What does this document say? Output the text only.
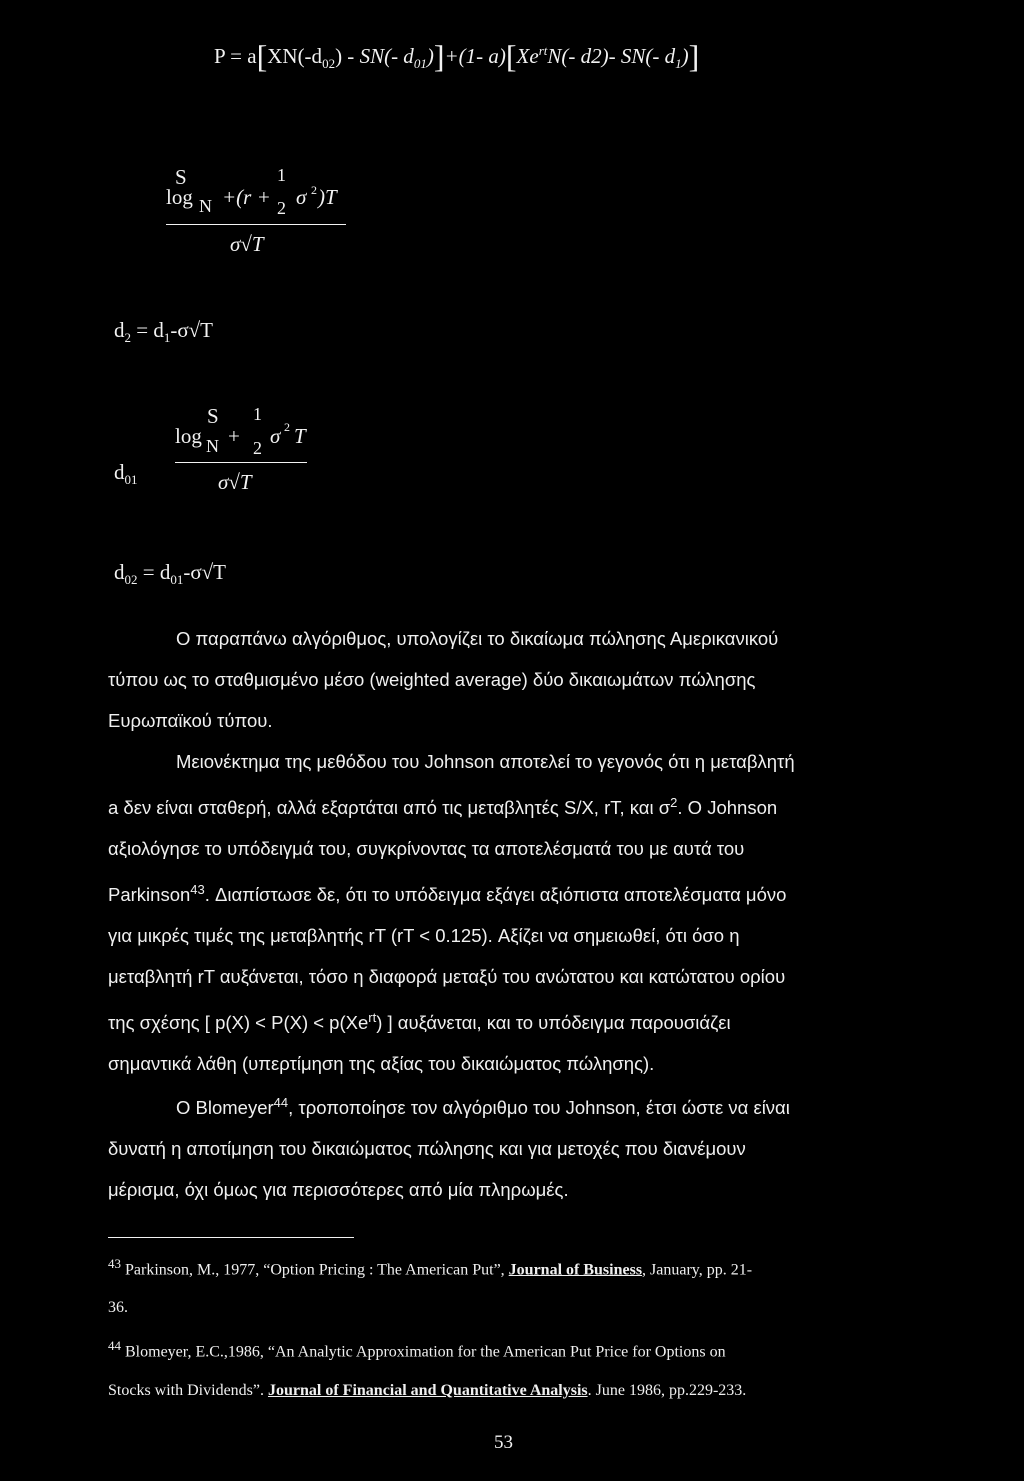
$P = a[XN(-d_{02}) - SN(-$ $d_{01})]+(1-$ $a)[Xe^{rt}N(-$ d2)- SN(- $d_1$)]
S
log N +(r +
1
2 σ 2 )T
σ√T
$d_2 = d_1-\sigma√T$
$d_{01}$
S
log N +
1
2 σ 2 T
σ√T
$d_{02} = d_{01}-\sigma√T$
Ο παραπάνω αλγόριθμος, υπολογίζει το δικαίωμα πώλησης Αμερικανικού
τύπου ως το σταθμισμένο μέσο (weighted average) δύο δικαιωμάτων πώλησης
Ευρωπαϊκού τύπου.
Μειονέκτημα της μεθόδου του Johnson αποτελεί το γεγονός ότι η μεταβλητή
a δεν είναι σταθερή, αλλά εξαρτάται από τις μεταβλητές S/X, rT, και $\sigma^2$. Ο Johnson
αξιολόγησε το υπόδειγμά του, συγκρίνοντας τα αποτελέσματά του με αυτά του
Parkinson$^{43}$. Διαπίστωσε δε, ότι το υπόδειγμα εξάγει αξιόπιστα αποτελέσματα μόνο
για μικρές τιμές της μεταβλητής rT (rT < 0.125). Αξίζει να σημειωθεί, ότι όσο η
μεταβλητή rT αυξάνεται, τόσο η διαφορά μεταξύ του ανώτατου και κατώτατου ορίου
της σχέσης [ $p(X) < P(X) < p(Xe^{rt})$ ] αυξάνεται, και το υπόδειγμα παρουσιάζει
σημαντικά λάθη (υπερτίμηση της αξίας του δικαιώματος πώλησης).
Ο Blomeyer$^{44}$, τροποποίησε τον αλγόριθμο του Johnson, έτσι ώστε να είναι
δυνατή η αποτίμηση του δικαιώματος πώλησης και για μετοχές που διανέμουν
μέρισμα, όχι όμως για περισσότερες από μία πληρωμές.
$^{43}$ Parkinson, M., 1977, “Option Pricing : The American Put”, Journal of Business, January, pp. 21-
36.
$^{44}$ Blomeyer, E.C.,1986, “An Analytic Approximation for the American Put Price for Options on
Stocks with Dividends”. Journal of Financial and Quantitative Analysis. June 1986, pp.229-233.
53
